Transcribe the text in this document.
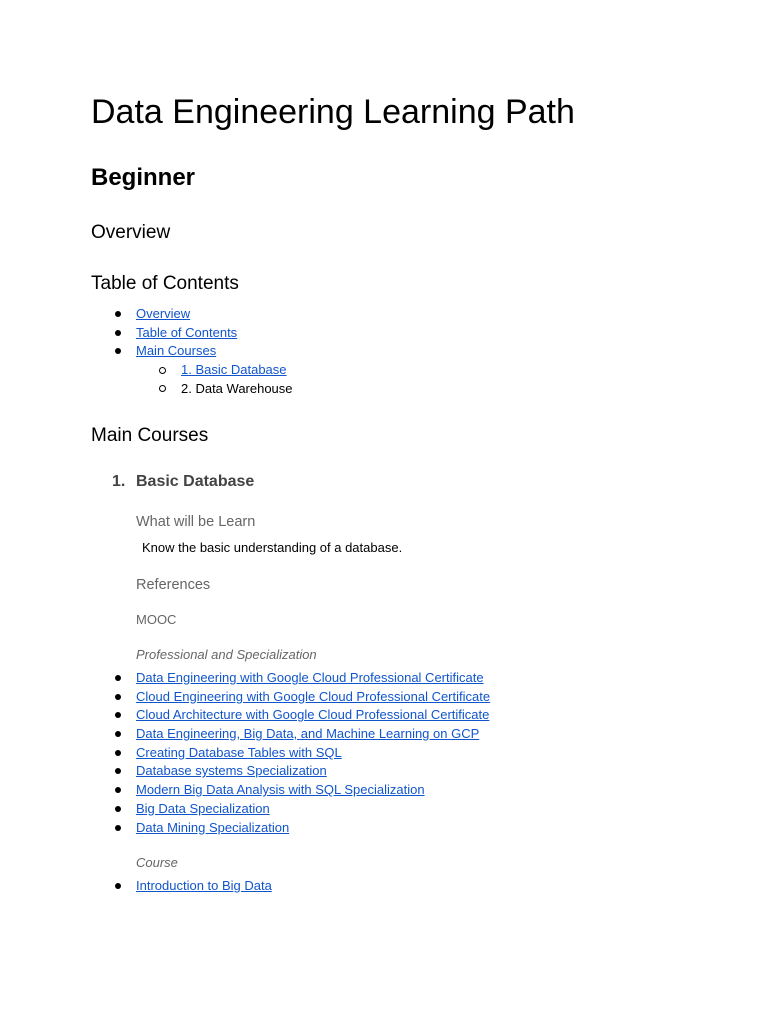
Data Engineering Learning Path
Beginner
Overview
Table of Contents
Overview
Table of Contents
Main Courses
1. Basic Database
2. Data Warehouse
Main Courses
1. Basic Database
What will be Learn
Know the basic understanding of a database.
References
MOOC
Professional and Specialization
Data Engineering with Google Cloud Professional Certificate
Cloud Engineering with Google Cloud Professional Certificate
Cloud Architecture with Google Cloud Professional Certificate
Data Engineering, Big Data, and Machine Learning on GCP
Creating Database Tables with SQL
Database systems Specialization
Modern Big Data Analysis with SQL Specialization
Big Data Specialization
Data Mining Specialization
Course
Introduction to Big Data
